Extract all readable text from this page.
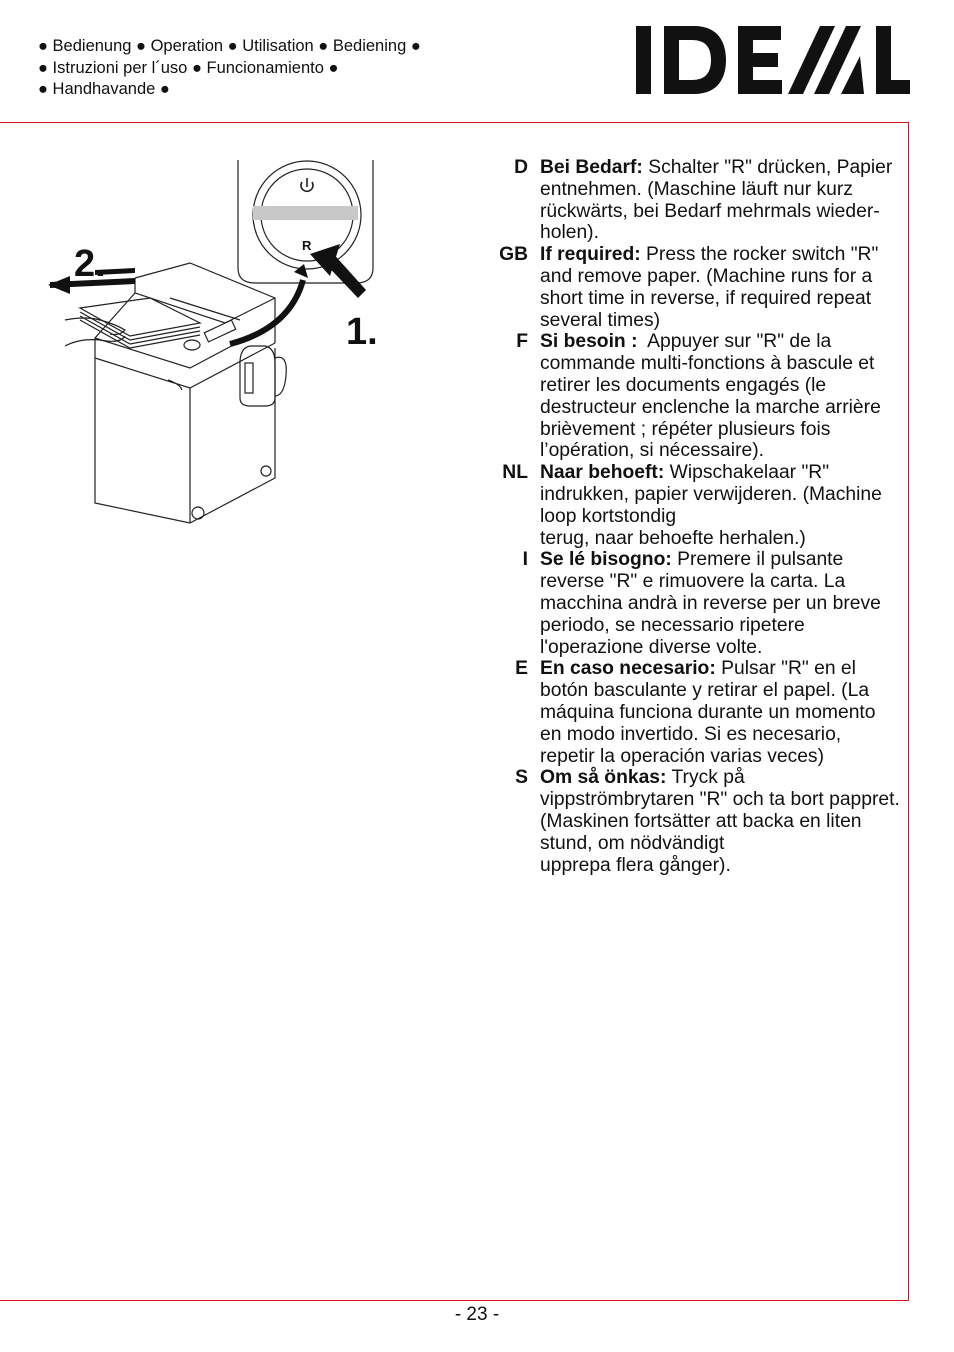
● Bedienung ● Operation ● Utilisation ● Bediening ●
● Istruzioni per l´uso ● Funcionamiento ●
● Handhavande ●
2.
1.
R
D Bei Bedarf: Schalter "R" drücken, Papier
entnehmen. (Maschine läuft nur kurz
rückwärts, bei Bedarf mehrmals wieder-
holen).
GB If required: Press the rocker switch "R"
and remove paper. (Machine runs for a
short time in reverse, if required repeat
several times)
F Si besoin :  Appuyer sur "R" de la
commande multi-fonctions à bascule et
retirer les documents engagés (le
destructeur enclenche la marche arrière
brièvement ; répéter plusieurs fois
l’opération, si nécessaire).
NL Naar behoeft: Wipschakelaar "R"
indrukken, papier verwijderen. (Machine
loop kortstondig
terug, naar behoefte herhalen.)
I Se lé bisogno: Premere il pulsante
reverse "R" e rimuovere la carta. La
macchina andrà in reverse per un breve
periodo, se necessario ripetere
l'operazione diverse volte.
E En caso necesario: Pulsar "R" en el
botón basculante y retirar el papel. (La
máquina funciona durante un momento
en modo invertido. Si es necesario,
repetir la operación varias veces)
S Om så önkas: Tryck på
vippströmbrytaren "R" och ta bort pappret.
(Maskinen fortsätter att backa en liten
stund, om nödvändigt
upprepa flera gånger).
- 23 -
